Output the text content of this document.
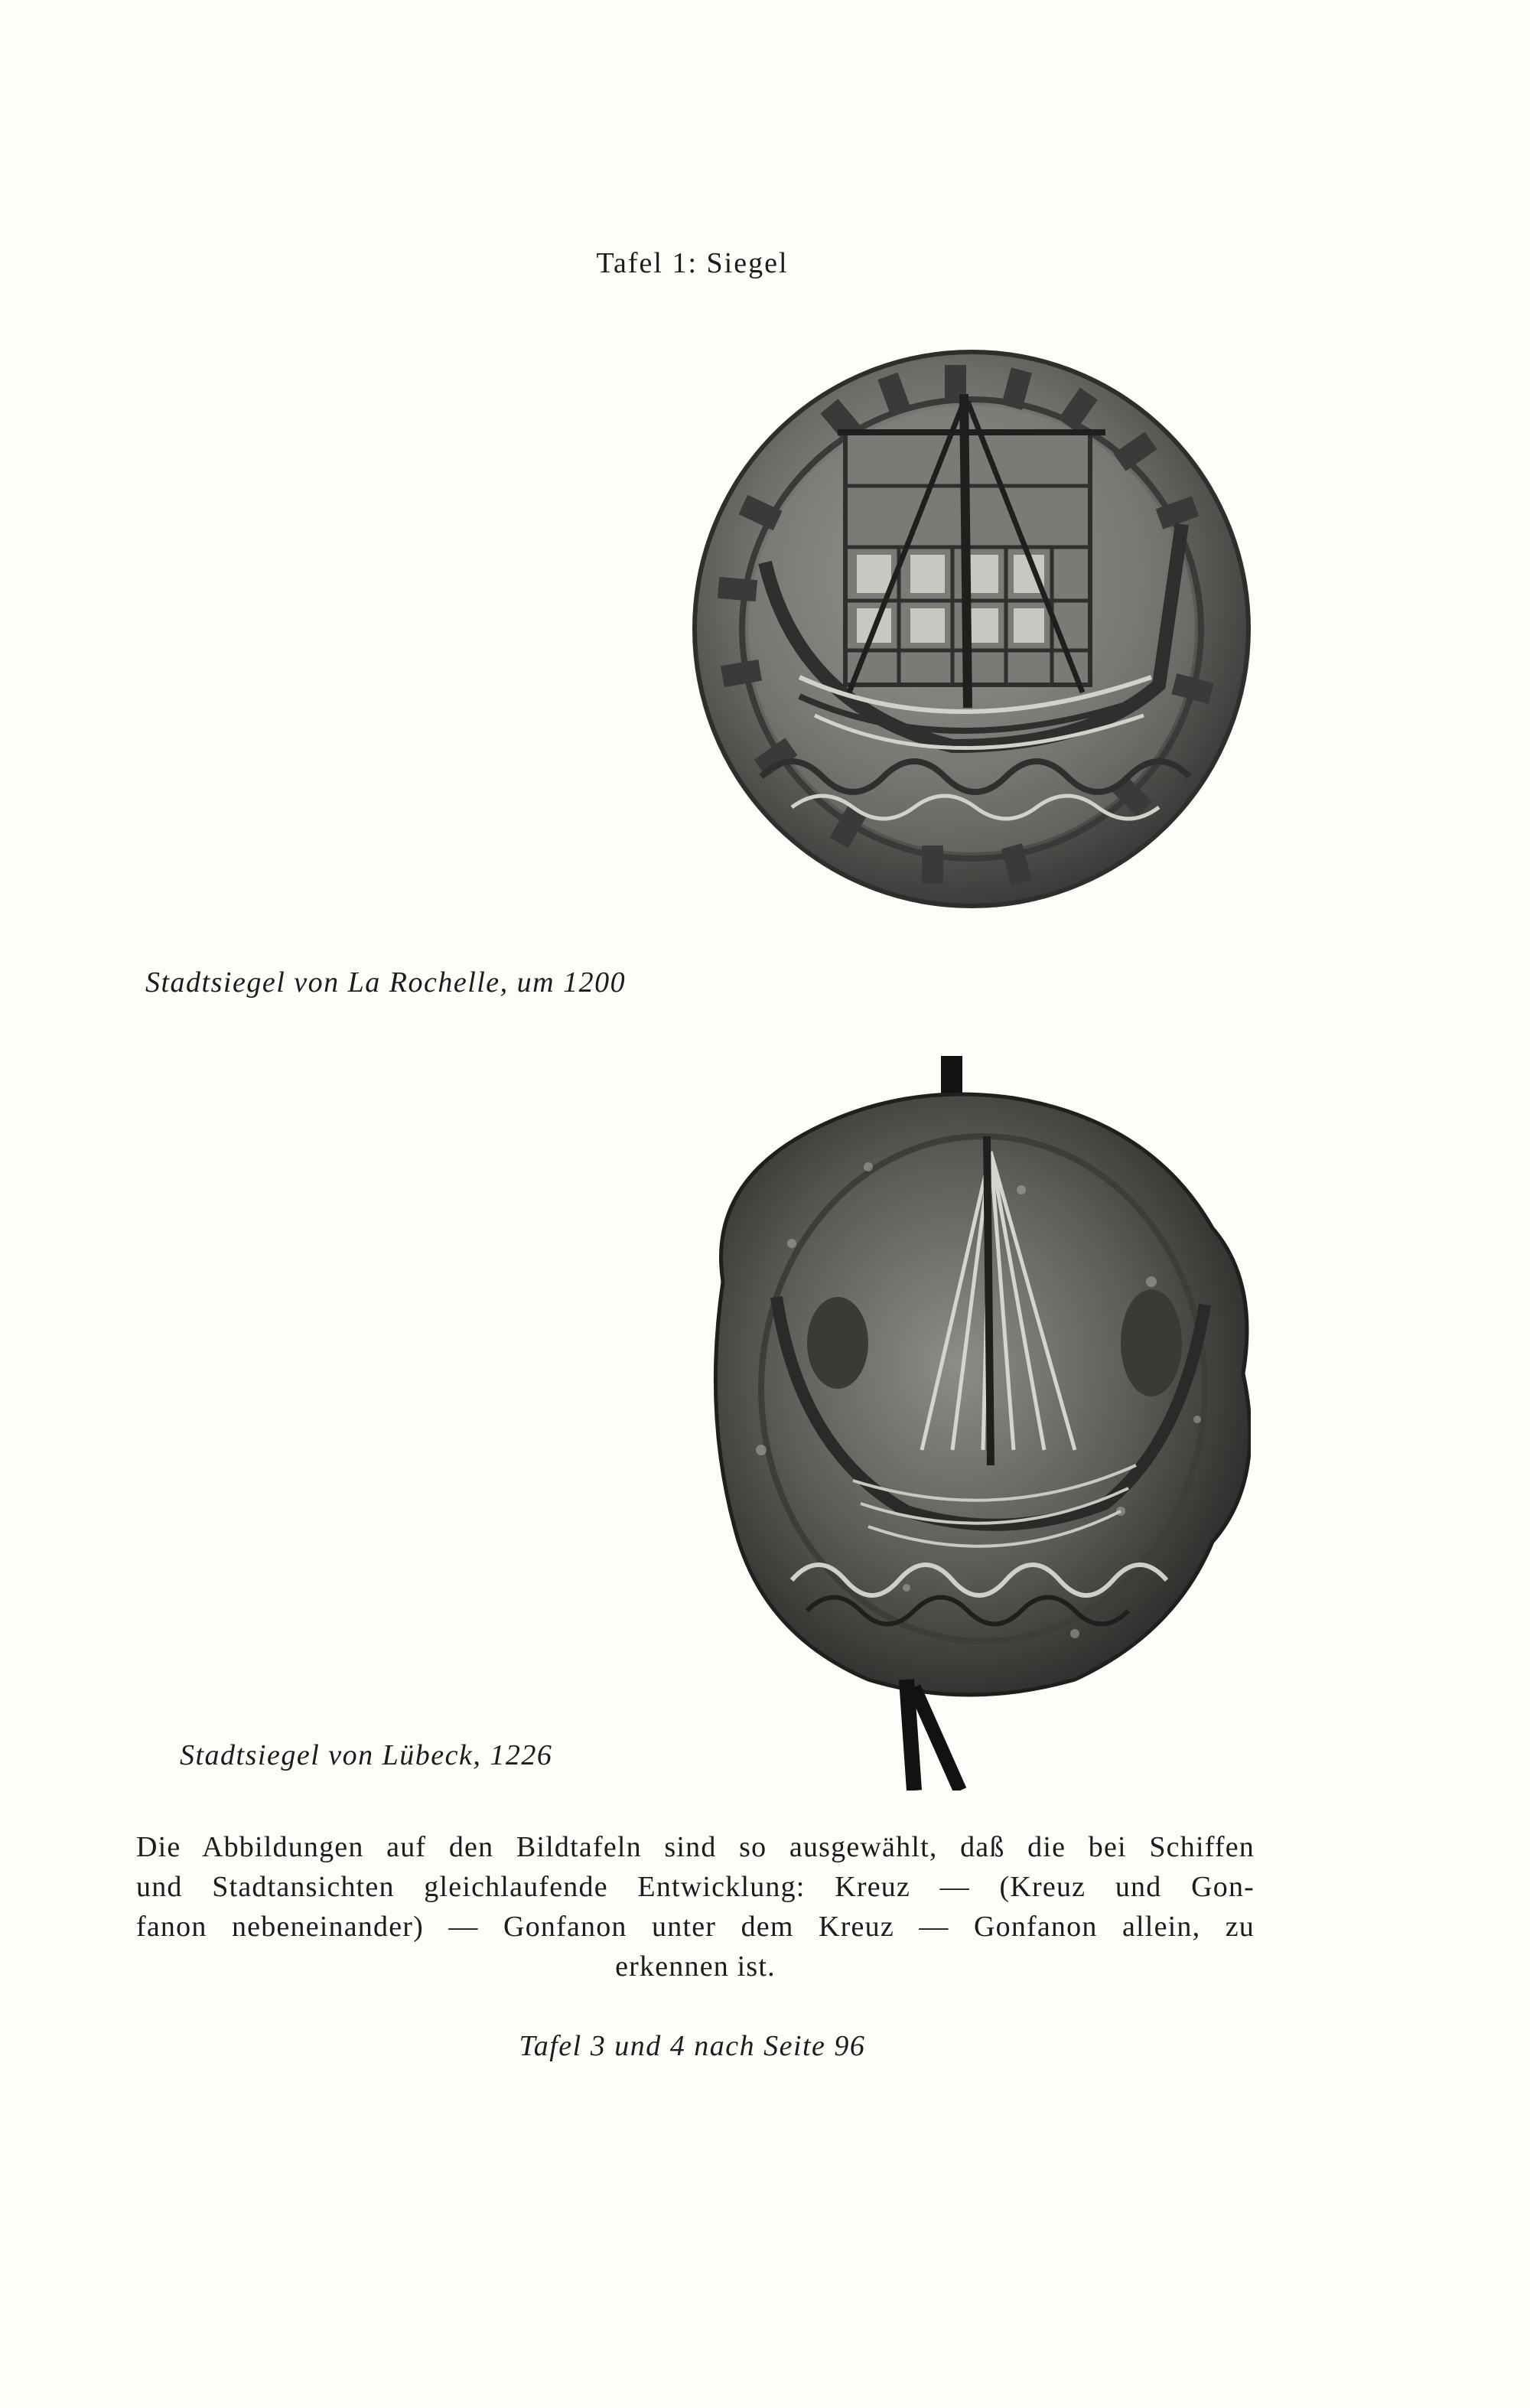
Tafel 1: Siegel
Stadtsiegel von La Rochelle, um 1200
Stadtsiegel von Lübeck, 1226
Die Abbildungen auf den Bildtafeln sind so ausgewählt, daß die bei Schiffen
und Stadtansichten gleichlaufende Entwicklung: Kreuz — (Kreuz und Gon-
fanon nebeneinander) — Gonfanon unter dem Kreuz — Gonfanon allein, zu
erkennen ist.
Tafel 3 und 4 nach Seite 96
